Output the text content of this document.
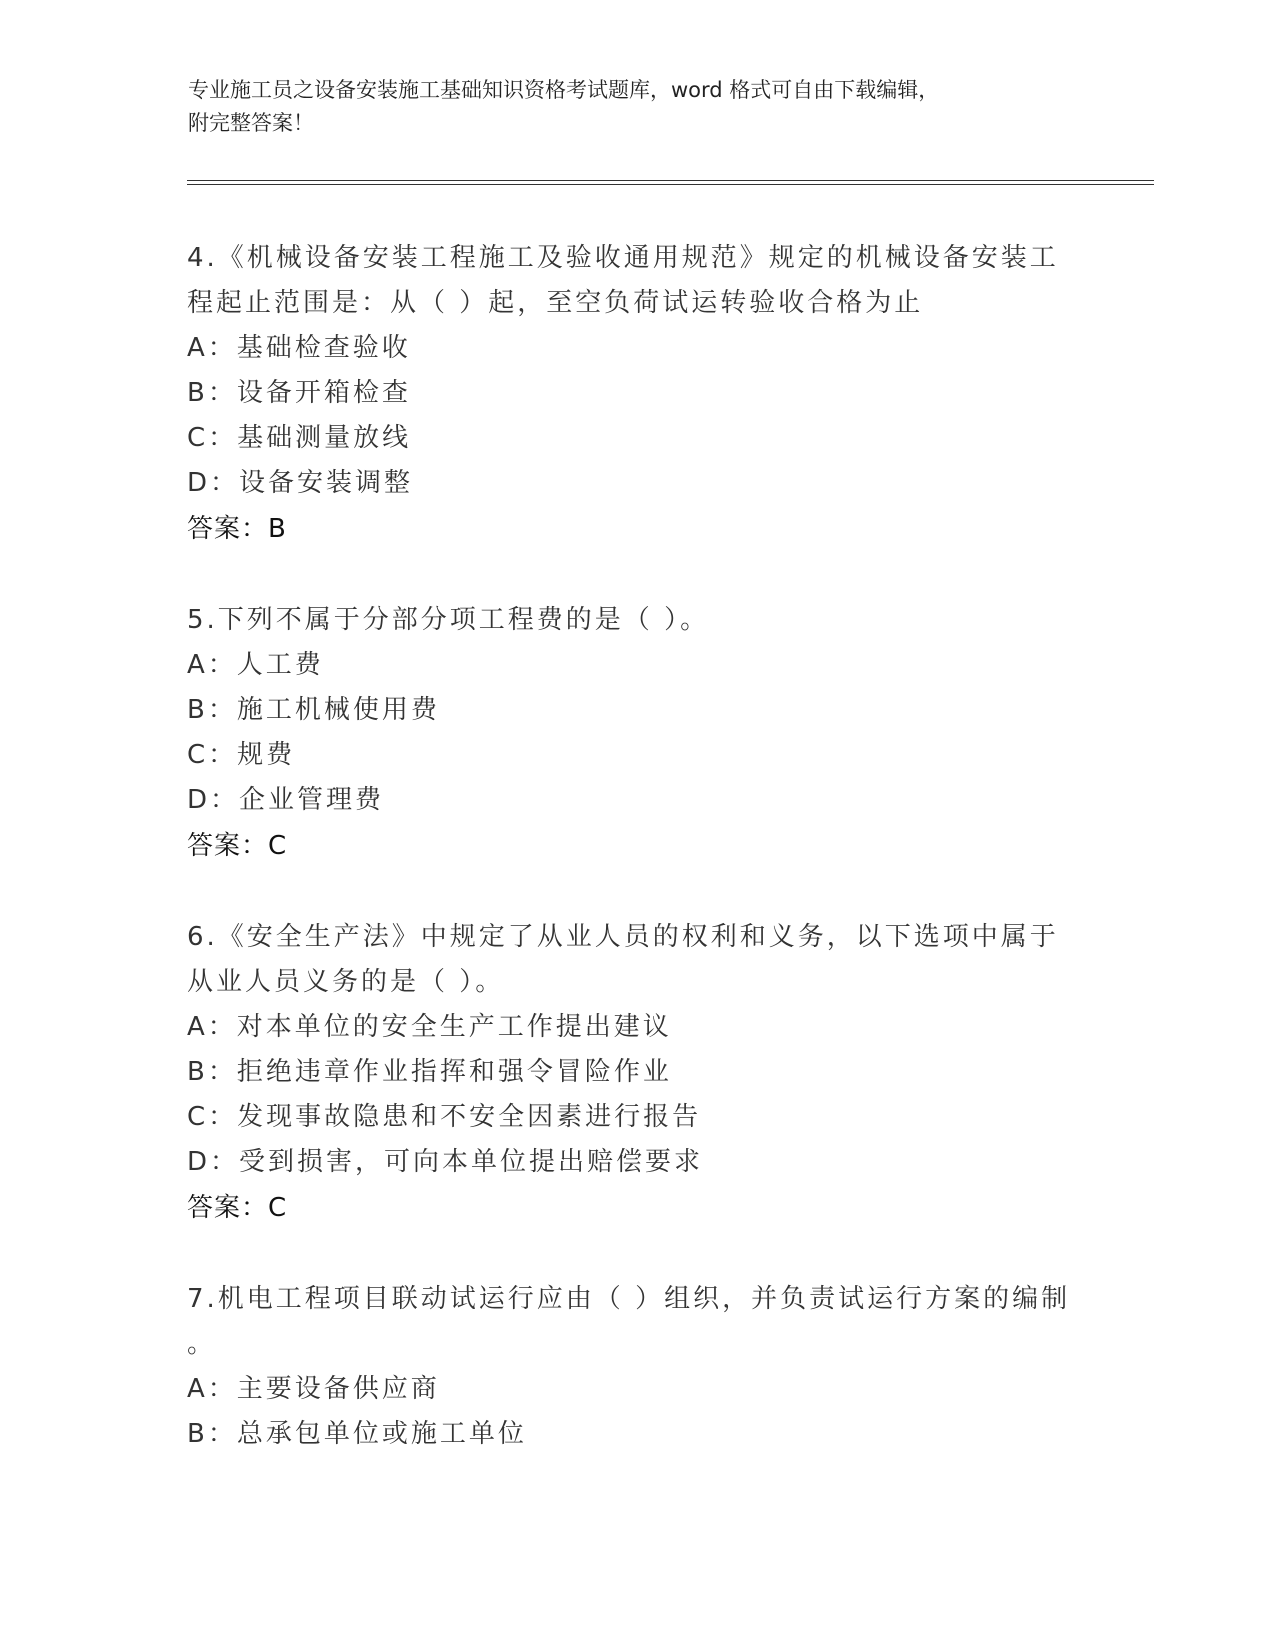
专业施工员之设备安装施工基础知识资格考试题库，word 格式可自由下载编辑，
附完整答案！
4.《机械设备安装工程施工及验收通用规范》规定的机械设备安装工
程起止范围是：从（ ）起，至空负荷试运转验收合格为止
A：基础检查验收
B：设备开箱检查
C：基础测量放线
D：设备安装调整
答案：B
5.下列不属于分部分项工程费的是（ ）。
A：人工费
B：施工机械使用费
C：规费
D：企业管理费
答案：C
6.《安全生产法》中规定了从业人员的权利和义务，以下选项中属于
从业人员义务的是（ ）。
A：对本单位的安全生产工作提出建议
B：拒绝违章作业指挥和强令冒险作业
C：发现事故隐患和不安全因素进行报告
D：受到损害，可向本单位提出赔偿要求
答案：C
7.机电工程项目联动试运行应由（ ）组织，并负责试运行方案的编制
。
A：主要设备供应商
B：总承包单位或施工单位
